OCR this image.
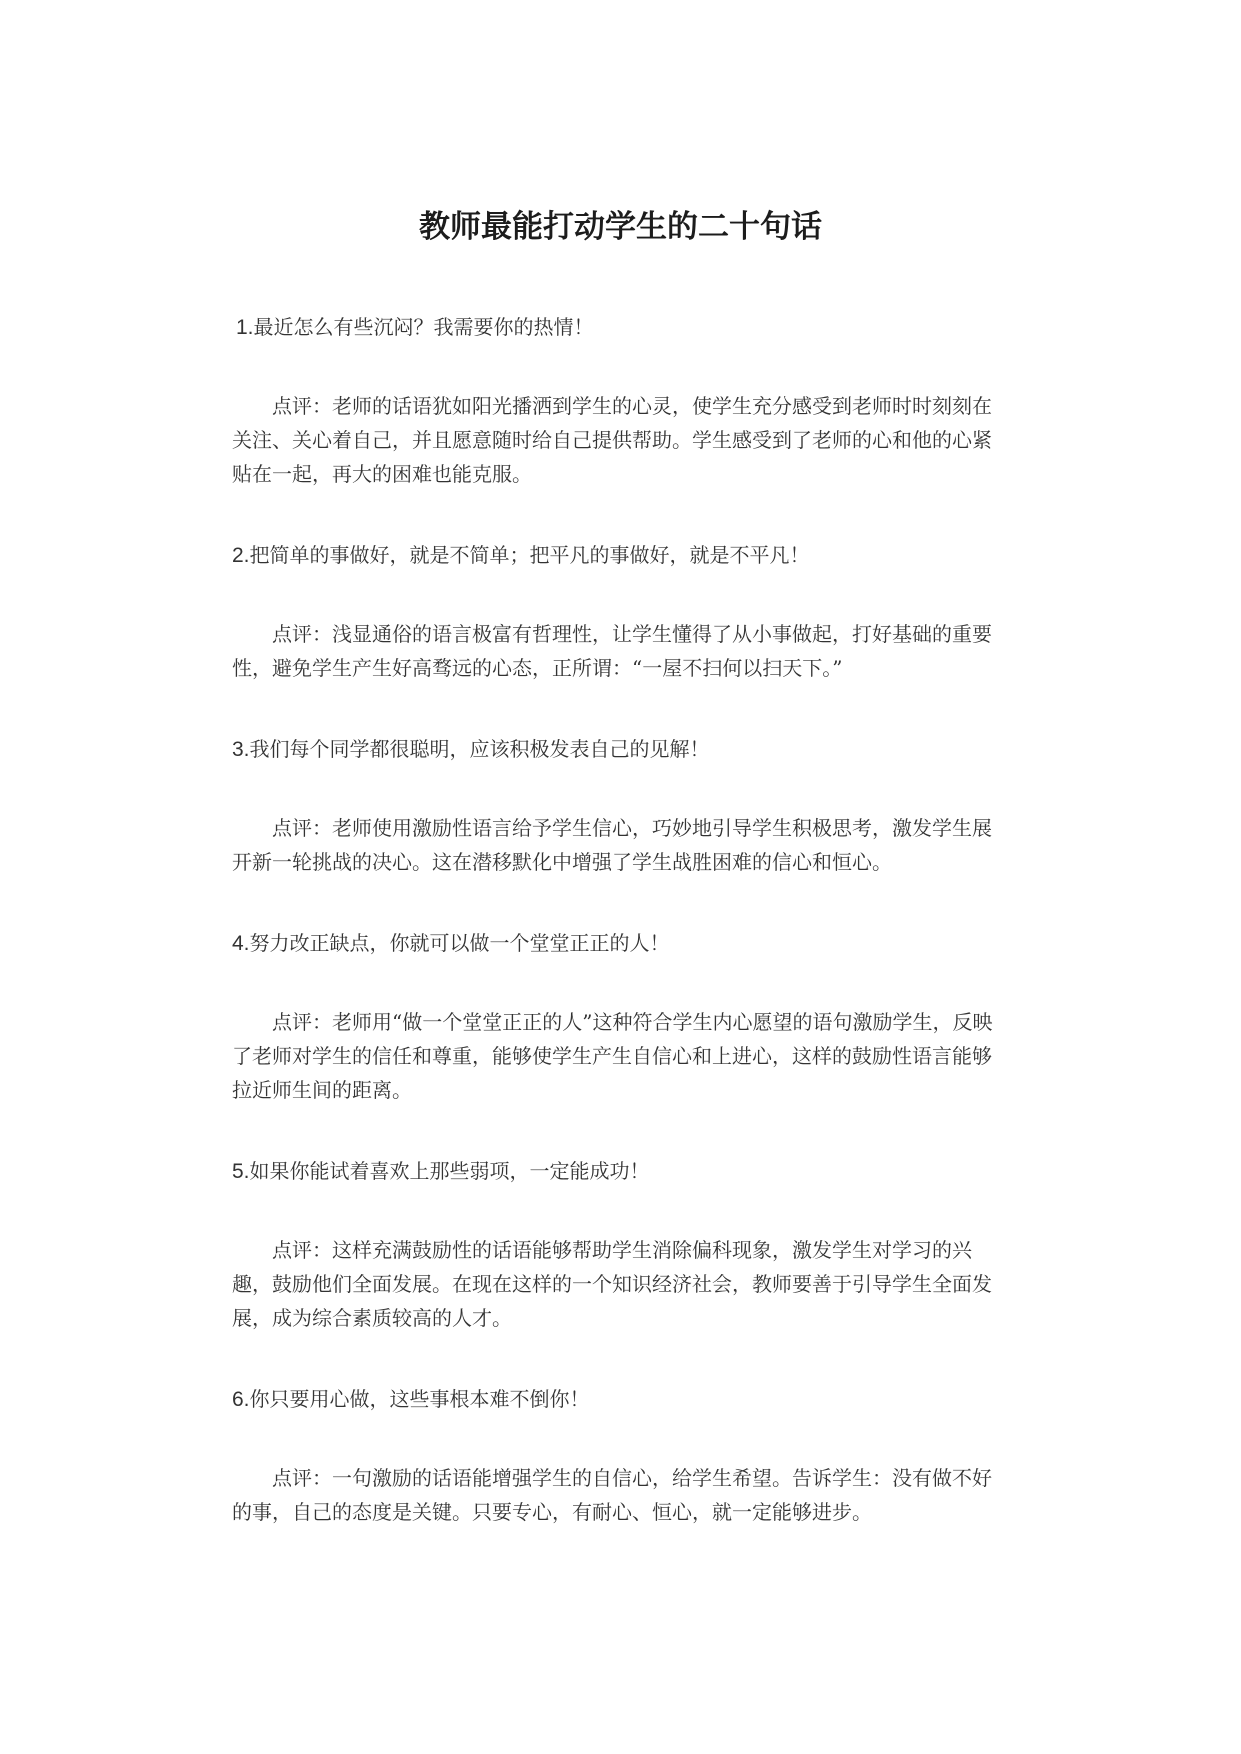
教师最能打动学生的二十句话

1.最近怎么有些沉闷？我需要你的热情！

点评：老师的话语犹如阳光播洒到学生的心灵，使学生充分感受到老师时时刻刻在关注、关心着自己，并且愿意随时给自己提供帮助。学生感受到了老师的心和他的心紧贴在一起，再大的困难也能克服。

2.把简单的事做好，就是不简单；把平凡的事做好，就是不平凡！

点评：浅显通俗的语言极富有哲理性，让学生懂得了从小事做起，打好基础的重要性，避免学生产生好高骛远的心态，正所谓：“一屋不扫何以扫天下。”

3.我们每个同学都很聪明，应该积极发表自己的见解！

点评：老师使用激励性语言给予学生信心，巧妙地引导学生积极思考，激发学生展开新一轮挑战的决心。这在潜移默化中增强了学生战胜困难的信心和恒心。

4.努力改正缺点，你就可以做一个堂堂正正的人！

点评：老师用“做一个堂堂正正的人”这种符合学生内心愿望的语句激励学生，反映了老师对学生的信任和尊重，能够使学生产生自信心和上进心，这样的鼓励性语言能够拉近师生间的距离。

5.如果你能试着喜欢上那些弱项，一定能成功！

点评：这样充满鼓励性的话语能够帮助学生消除偏科现象，激发学生对学习的兴趣，鼓励他们全面发展。在现在这样的一个知识经济社会，教师要善于引导学生全面发展，成为综合素质较高的人才。

6.你只要用心做，这些事根本难不倒你！

点评：一句激励的话语能增强学生的自信心，给学生希望。告诉学生：没有做不好的事，自己的态度是关键。只要专心，有耐心、恒心，就一定能够进步。
